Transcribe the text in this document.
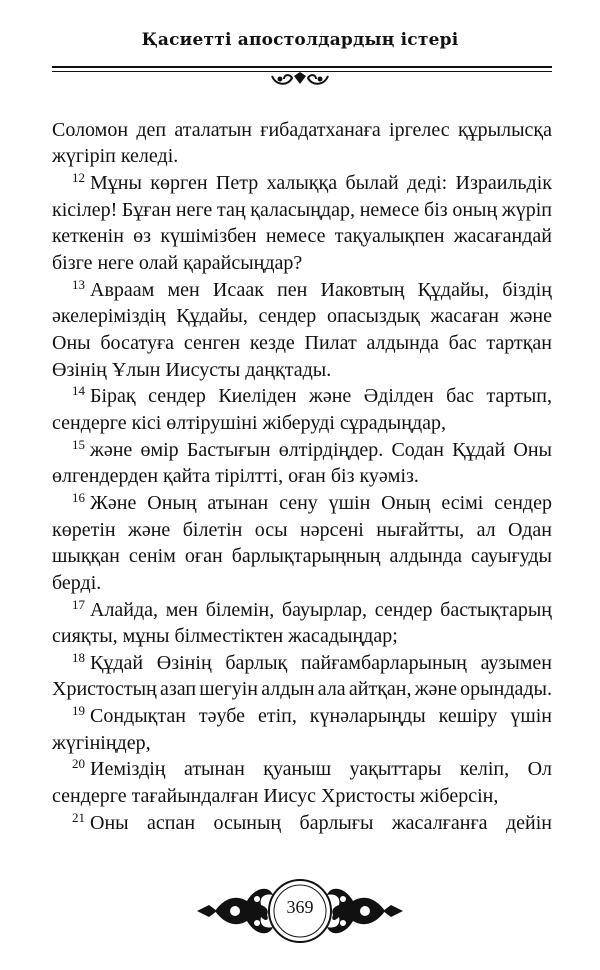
Қасиетті апостолдардың істері
Соломон деп аталатын ғибадатханаға іргелес құрылысқа
жүгіріп келеді.
$^{12}$ Мұны көрген Петр халыққа былай деді: Израильдік
кісілер! Бұған неге таң қаласыңдар, немесе біз оның жүріп
кеткенін өз күшімізбен немесе тақуалықпен жасағандай
бізге неге олай қарайсыңдар?
$^{13}$ Авраам мен Исаак пен Иаковтың Құдайы, біздің
әкелеріміздің Құдайы, сендер опасыздық жасаған және
Оны босатуға сенген кезде Пилат алдында бас тартқан
Өзінің Ұлын Иисусты даңқтады.
$^{14}$ Бірақ сендер Киеліден және Әділден бас тартып,
сендерге кісі өлтірушіні жіберуді сұрадыңдар,
$^{15}$ және өмір Бастығын өлтірдіңдер. Содан Құдай Оны
өлгендерден қайта тірілтті, оған біз куәміз.
$^{16}$ Және Оның атынан сену үшін Оның есімі сендер
көретін және білетін осы нәрсені нығайтты, ал Одан
шыққан сенім оған барлықтарыңның алдында сауығуды
берді.
$^{17}$ Алайда, мен білемін, бауырлар, сендер бастықтарың
сияқты, мұны білместіктен жасадыңдар;
$^{18}$ Құдай Өзінің барлық пайғамбарларының аузымен
Христостың азап шегуін алдын ала айтқан, және орындады.
$^{19}$ Сондықтан тәубе етіп, күнәларыңды кешіру үшін
жүгініңдер,
$^{20}$ Иеміздің атынан қуаныш уақыттары келіп, Ол
сендерге тағайындалған Иисус Христосты жіберсін,
$^{21}$ Оны аспан осының барлығы жасалғанға дейін
369
